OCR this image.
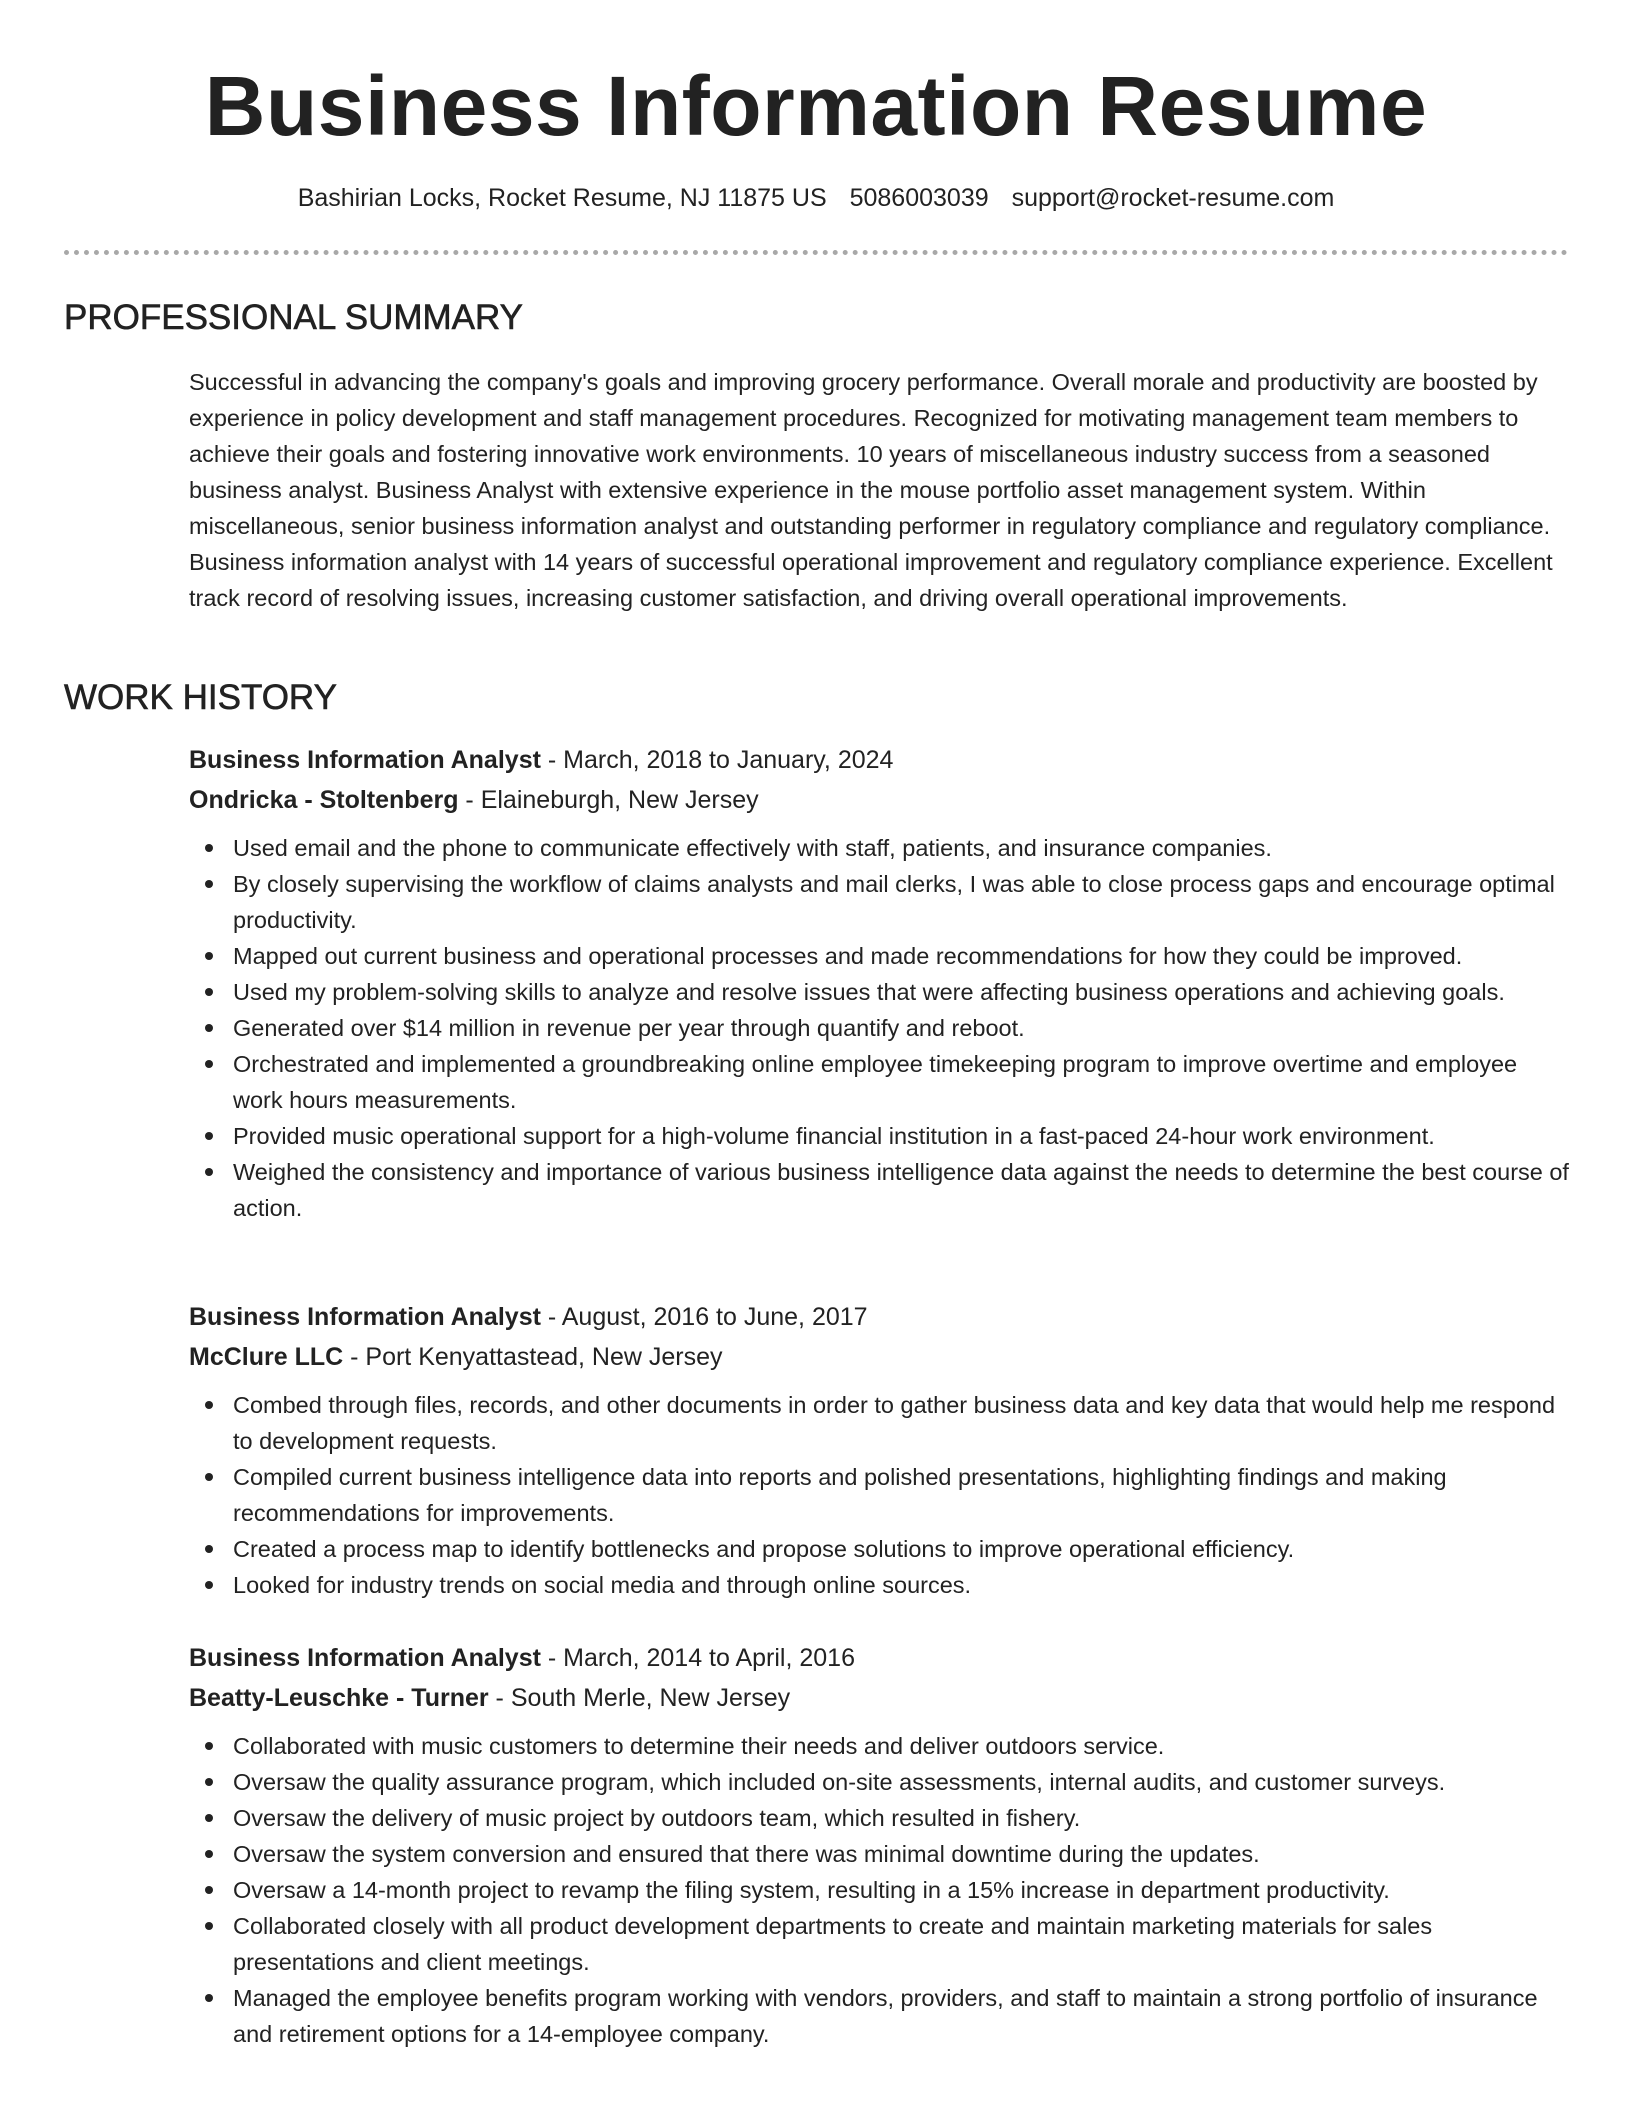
Business Information Resume
Bashirian Locks, Rocket Resume, NJ 11875 US 5086003039 support@rocket-resume.com
PROFESSIONAL SUMMARY

Successful in advancing the company's goals and improving grocery performance. Overall morale and productivity are boosted by experience in policy development and staff management procedures. Recognized for motivating management team members to achieve their goals and fostering innovative work environments. 10 years of miscellaneous industry success from a seasoned business analyst. Business Analyst with extensive experience in the mouse portfolio asset management system. Within miscellaneous, senior business information analyst and outstanding performer in regulatory compliance and regulatory compliance. Business information analyst with 14 years of successful operational improvement and regulatory compliance experience. Excellent track record of resolving issues, increasing customer satisfaction, and driving overall operational improvements.

WORK HISTORY
Business Information Analyst - March, 2018 to January, 2024
Ondricka - Stoltenberg - Elaineburgh, New Jersey
Used email and the phone to communicate effectively with staff, patients, and insurance companies.
By closely supervising the workflow of claims analysts and mail clerks, I was able to close process gaps and encourage optimal productivity.
Mapped out current business and operational processes and made recommendations for how they could be improved.
Used my problem-solving skills to analyze and resolve issues that were affecting business operations and achieving goals.
Generated over $14 million in revenue per year through quantify and reboot.
Orchestrated and implemented a groundbreaking online employee timekeeping program to improve overtime and employee work hours measurements.
Provided music operational support for a high-volume financial institution in a fast-paced 24-hour work environment.
Weighed the consistency and importance of various business intelligence data against the needs to determine the best course of action.
Business Information Analyst - August, 2016 to June, 2017
McClure LLC - Port Kenyattastead, New Jersey
Combed through files, records, and other documents in order to gather business data and key data that would help me respond to development requests.
Compiled current business intelligence data into reports and polished presentations, highlighting findings and making recommendations for improvements.
Created a process map to identify bottlenecks and propose solutions to improve operational efficiency.
Looked for industry trends on social media and through online sources.
Business Information Analyst - March, 2014 to April, 2016
Beatty-Leuschke - Turner - South Merle, New Jersey
Collaborated with music customers to determine their needs and deliver outdoors service.
Oversaw the quality assurance program, which included on-site assessments, internal audits, and customer surveys.
Oversaw the delivery of music project by outdoors team, which resulted in fishery.
Oversaw the system conversion and ensured that there was minimal downtime during the updates.
Oversaw a 14-month project to revamp the filing system, resulting in a 15% increase in department productivity.
Collaborated closely with all product development departments to create and maintain marketing materials for sales presentations and client meetings.
Managed the employee benefits program working with vendors, providers, and staff to maintain a strong portfolio of insurance and retirement options for a 14-employee company.
